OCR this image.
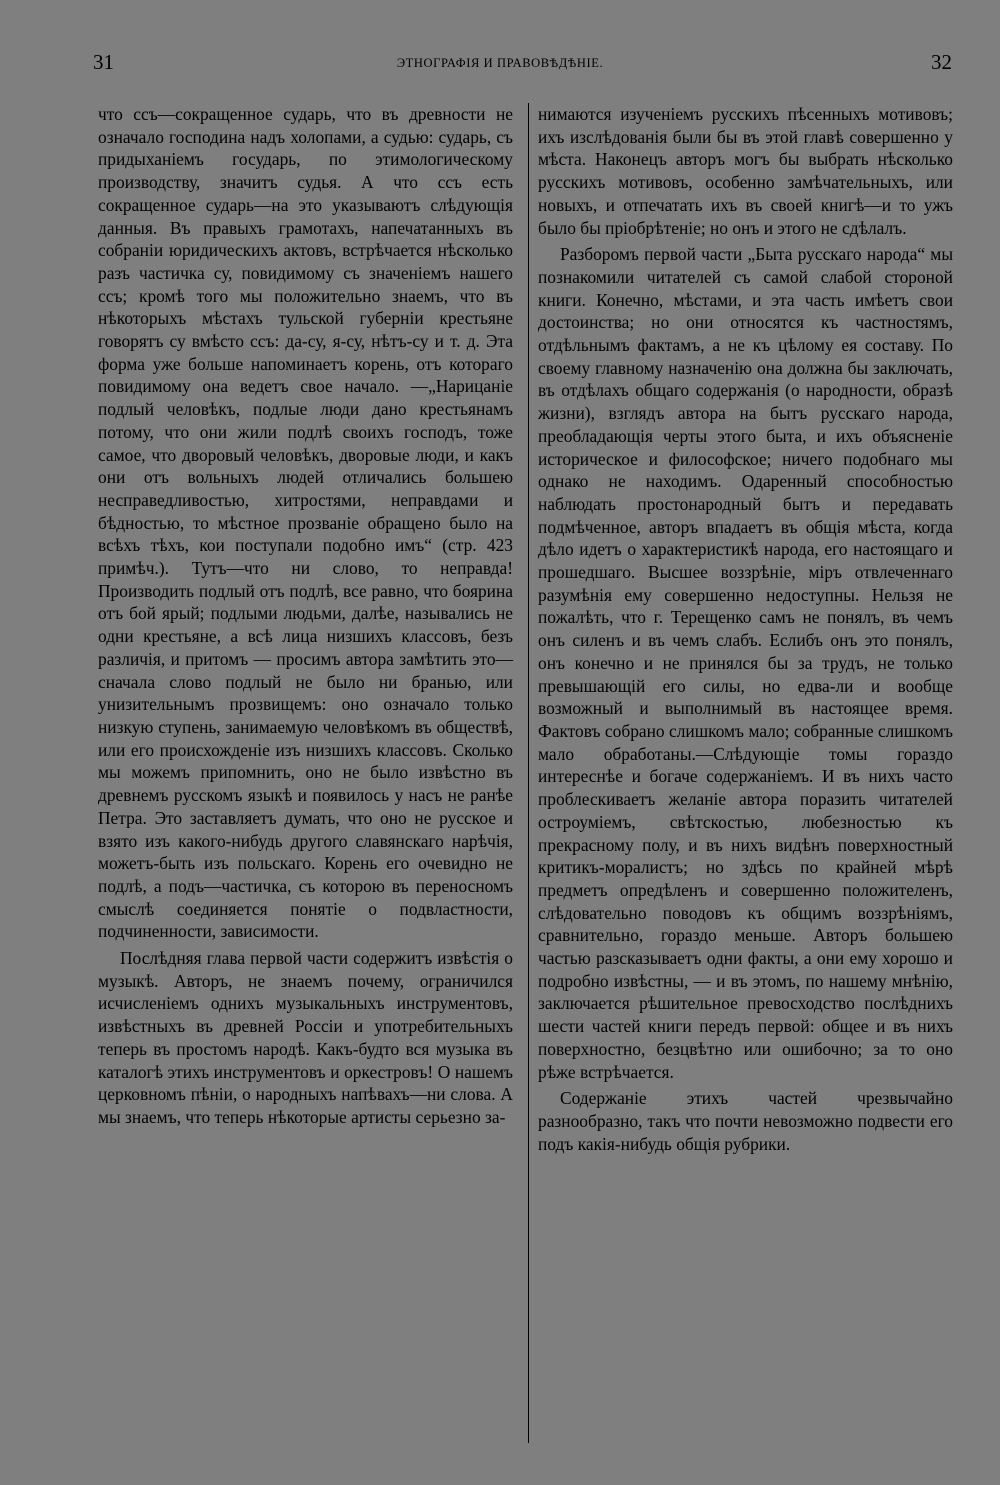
31	ЭТНОГРАФІЯ И ПРАВОВѢДѢНІЕ.	32

что ссъ—сокращенное сударь, что въ древности не означало господина надъ холопами, а судью: сударь, съ придыханіемъ государь, по этимологическому производству, значитъ судья. А что ссъ есть сокращенное сударь—на это указываютъ слѣдующія данныя. Въ правыхъ грамотахъ, напечатанныхъ въ собраніи юридическихъ актовъ, встрѣчается нѣсколько разъ частичка су, повидимому съ значеніемъ нашего ссъ; кромѣ того мы положительно знаемъ, что въ нѣкоторыхъ мѣстахъ тульской губерніи крестьяне говорятъ су вмѣсто ссъ: да-су, я-су, нѣтъ-су и т. д. Эта форма уже больше напоминаетъ корень, отъ котораго повидимому она ведетъ свое начало. —„Нарицаніе подлый человѣкъ, подлые люди дано крестьянамъ потому, что они жили подлѣ своихъ господъ, тоже самое, что дворовый человѣкъ, дворовые люди, и какъ они отъ вольныхъ людей отличались большею несправедливостью, хитростями, неправдами и бѣдностью, то мѣстное прозваніе обращено было на всѣхъ тѣхъ, кои поступали подобно имъ“ (стр. 423 примѣч.). Тутъ—что ни слово, то неправда! Производить подлый отъ подлѣ, все равно, что боярина отъ бой ярый; подлыми людьми, далѣе, назывались не одни крестьяне, а всѣ лица низшихъ классовъ, безъ различія, и притомъ — просимъ автора замѣтить это—сначала слово подлый не было ни бранью, или унизительнымъ прозвищемъ: оно означало только низкую ступень, занимаемую человѣкомъ въ обществѣ, или его происхожденіе изъ низшихъ классовъ. Сколько мы можемъ припомнить, оно не было извѣстно въ древнемъ русскомъ языкѣ и появилось у насъ не ранѣе Петра. Это заставляетъ думать, что оно не русское и взято изъ какого-нибудь другого славянскаго нарѣчія, можетъ-быть изъ польскаго. Корень его очевидно не подлѣ, а подъ—частичка, съ которою въ переносномъ смыслѣ соединяется понятіе о подвластности, подчиненности, зависимости.

Послѣдняя глава первой части содержитъ извѣстія о музыкѣ. Авторъ, не знаемъ почему, ограничился исчисленіемъ однихъ музыкальныхъ инструментовъ, извѣстныхъ въ древней Россіи и употребительныхъ теперь въ простомъ народѣ. Какъ-будто вся музыка въ каталогѣ этихъ инструментовъ и оркестровъ! О нашемъ церковномъ пѣніи, о народныхъ напѣвахъ—ни слова. А мы знаемъ, что теперь нѣкоторые артисты серьезно за-

нимаются изученіемъ русскихъ пѣсенныхъ мотивовъ; ихъ изслѣдованія были бы въ этой главѣ совершенно у мѣста. Наконецъ авторъ могъ бы выбрать нѣсколько русскихъ мотивовъ, особенно замѣчательныхъ, или новыхъ, и отпечатать ихъ въ своей книгѣ—и то ужъ было бы пріобрѣтеніе; но онъ и этого не сдѣлалъ.

Разборомъ первой части „Быта русскаго народа“ мы познакомили читателей съ самой слабой стороной книги. Конечно, мѣстами, и эта часть имѣетъ свои достоинства; но они относятся къ частностямъ, отдѣльнымъ фактамъ, а не къ цѣлому ея составу. По своему главному назначенію она должна бы заключать, въ отдѣлахъ общаго содержанія (о народности, образѣ жизни), взглядъ автора на бытъ русскаго народа, преобладающія черты этого быта, и ихъ объясненіе историческое и философское; ничего подобнаго мы однако не находимъ. Одаренный способностью наблюдать простонародный бытъ и передавать подмѣченное, авторъ впадаетъ въ общія мѣста, когда дѣло идетъ о характеристикѣ народа, его настоящаго и прошедшаго. Высшее воззрѣніе, міръ отвлеченнаго разумѣнія ему совершенно недоступны. Нельзя не пожалѣть, что г. Терещенко самъ не понялъ, въ чемъ онъ силенъ и въ чемъ слабъ. Еслибъ онъ это понялъ, онъ конечно и не принялся бы за трудъ, не только превышающій его силы, но едва-ли и вообще возможный и выполнимый въ настоящее время. Фактовъ собрано слишкомъ мало; собранные слишкомъ мало обработаны.—Слѣдующіе томы гораздо интереснѣе и богаче содержаніемъ. И въ нихъ часто проблескиваетъ желаніе автора поразить читателей остроуміемъ, свѣтскостью, любезностью къ прекрасному полу, и въ нихъ видѣнъ поверхностный критикъ-моралистъ; но здѣсь по крайней мѣрѣ предметъ опредѣленъ и совершенно положителенъ, слѣдовательно поводовъ къ общимъ воззрѣніямъ, сравнительно, гораздо меньше. Авторъ большею частью разсказываетъ одни факты, а они ему хорошо и подробно извѣстны, — и въ этомъ, по нашему мнѣнію, заключается рѣшительное превосходство послѣднихъ шести частей книги передъ первой: общее и въ нихъ поверхностно, безцвѣтно или ошибочно; за то оно рѣже встрѣчается.

Содержаніе этихъ частей чрезвычайно разнообразно, такъ что почти невозможно подвести его подъ какія-нибудь общія рубрики.
